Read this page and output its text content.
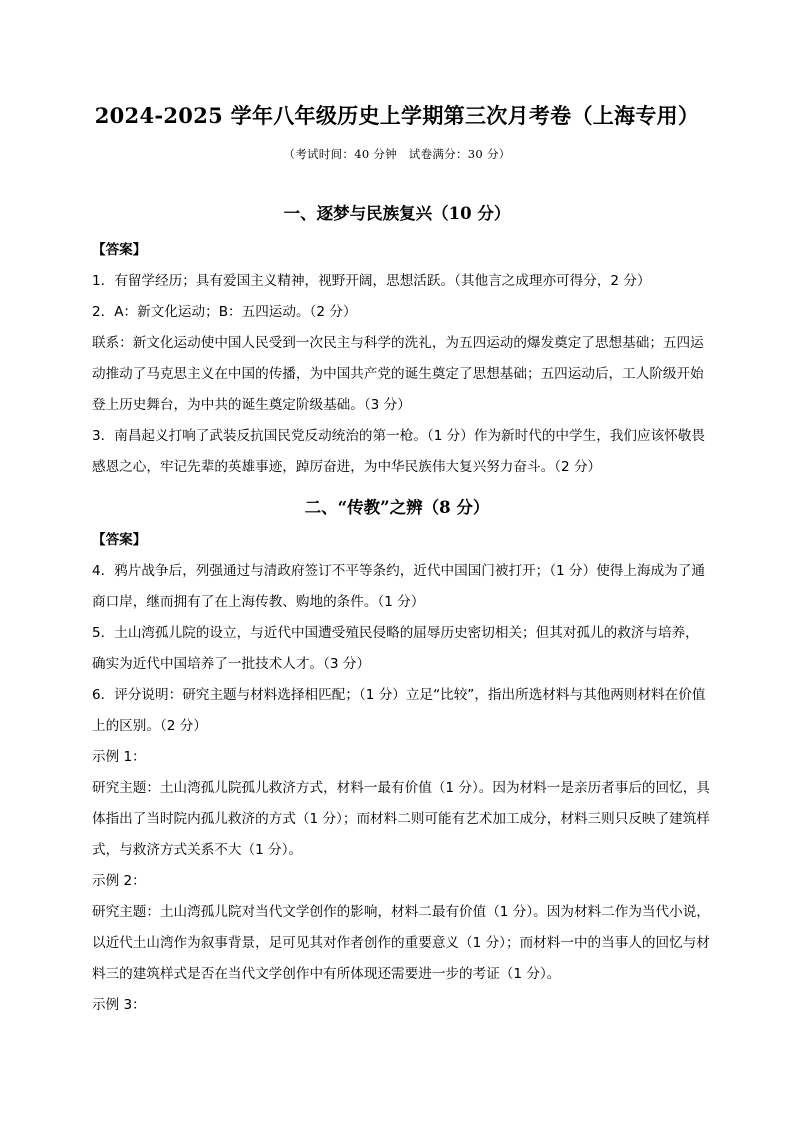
2024-2025 学年八年级历史上学期第三次月考卷（上海专用）
（考试时间：40 分钟　试卷满分：30 分）
一、逐梦与民族复兴（10 分）
【答案】
1．有留学经历；具有爱国主义精神，视野开阔，思想活跃。（其他言之成理亦可得分，2 分）
2．A：新文化运动；B：五四运动。（2 分）
联系：新文化运动使中国人民受到一次民主与科学的洗礼，为五四运动的爆发奠定了思想基础；五四运
动推动了马克思主义在中国的传播，为中国共产党的诞生奠定了思想基础；五四运动后，工人阶级开始
登上历史舞台，为中共的诞生奠定阶级基础。（3 分）
3．南昌起义打响了武装反抗国民党反动统治的第一枪。（1 分）作为新时代的中学生，我们应该怀敬畏
感恩之心，牢记先辈的英雄事迹，踔厉奋进，为中华民族伟大复兴努力奋斗。（2 分）
二、“传教”之辨（8 分）
【答案】
4．鸦片战争后，列强通过与清政府签订不平等条约，近代中国国门被打开；（1 分）使得上海成为了通
商口岸，继而拥有了在上海传教、购地的条件。（1 分）
5．土山湾孤儿院的设立，与近代中国遭受殖民侵略的屈辱历史密切相关；但其对孤儿的救济与培养，
确实为近代中国培养了一批技术人才。（3 分）
6．评分说明：研究主题与材料选择相匹配；（1 分）立足“比较”，指出所选材料与其他两则材料在价值
上的区别。（2 分）
示例 1：
研究主题：土山湾孤儿院孤儿救济方式，材料一最有价值（1 分）。因为材料一是亲历者事后的回忆，具
体指出了当时院内孤儿救济的方式（1 分）；而材料二则可能有艺术加工成分，材料三则只反映了建筑样
式，与救济方式关系不大（1 分）。
示例 2：
研究主题：土山湾孤儿院对当代文学创作的影响，材料二最有价值（1 分）。因为材料二作为当代小说，
以近代土山湾作为叙事背景，足可见其对作者创作的重要意义（1 分）；而材料一中的当事人的回忆与材
料三的建筑样式是否在当代文学创作中有所体现还需要进一步的考证（1 分）。
示例 3：
